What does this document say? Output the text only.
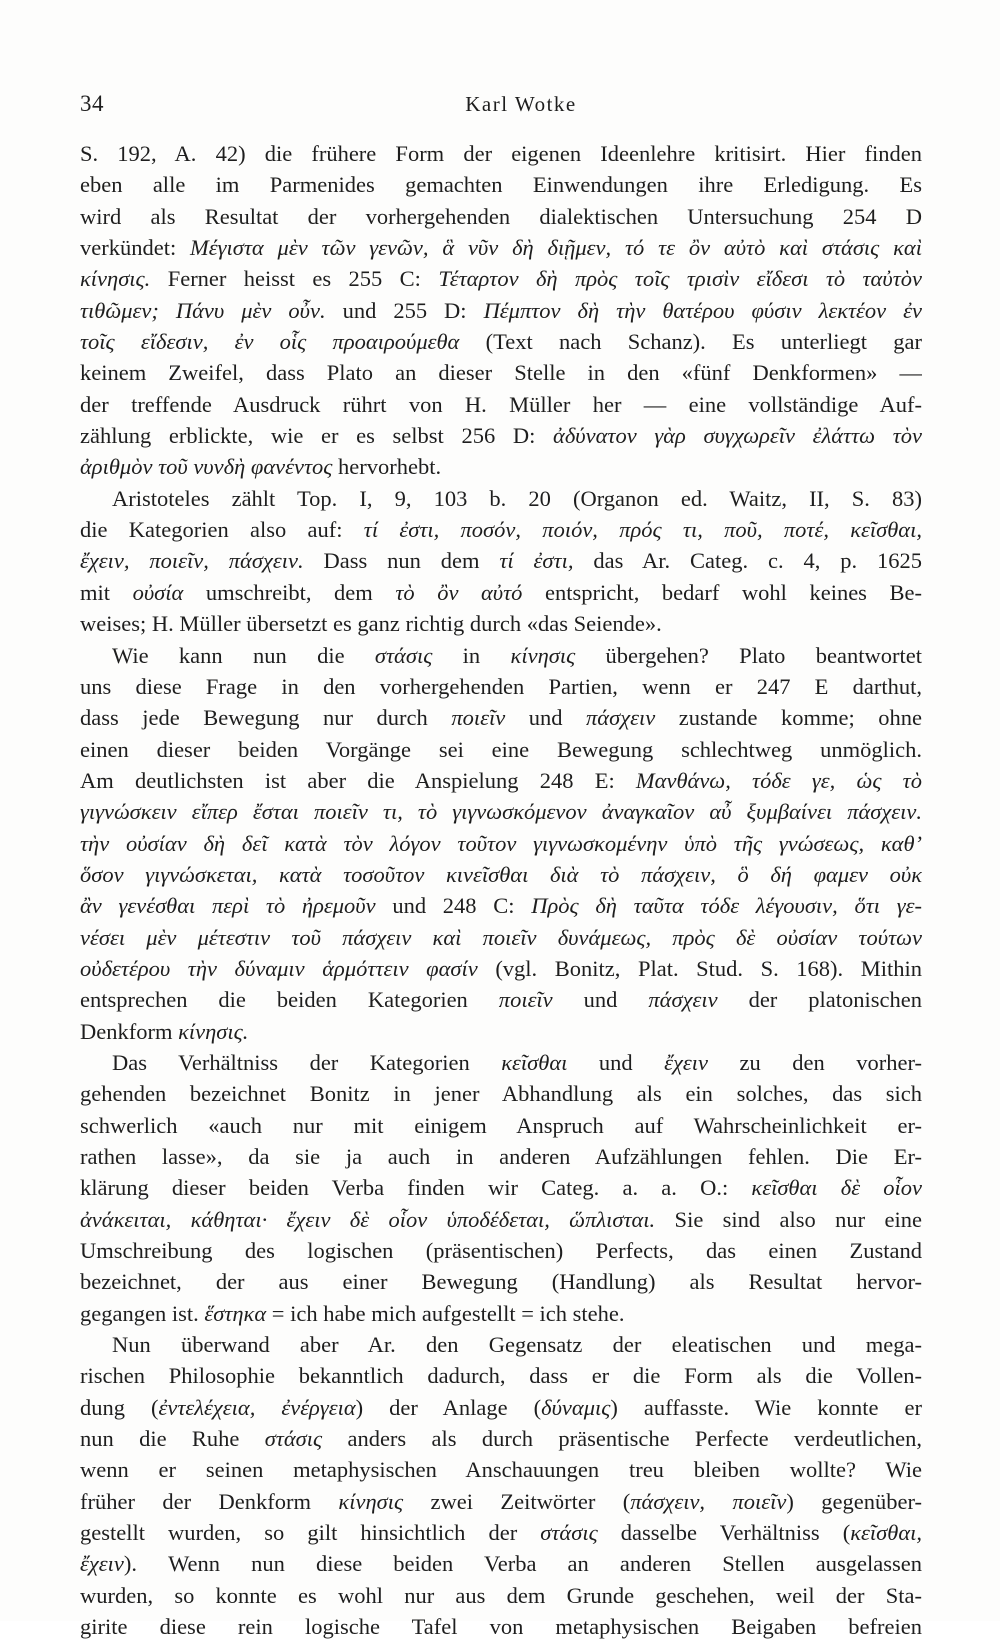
34	Karl Wotke
S. 192, A. 42) die frühere Form der eigenen Ideenlehre kritisirt. Hier finden
eben alle im Parmenides gemachten Einwendungen ihre Erledigung. Es
wird als Resultat der vorhergehenden dialektischen Untersuchung 254 D
verkündet: Μέγιστα μὲν τῶν γενῶν, ἃ νῦν δὴ διῇμεν, τό τε ὂν αὐτὸ καὶ στάσις καὶ
κίνησις. Ferner heisst es 255 C: Τέταρτον δὴ πρὸς τοῖς τρισὶν εἴδεσι τὸ ταὐτὸν
τιθῶμεν; Πάνυ μὲν οὖν. und 255 D: Πέμπτον δὴ τὴν θατέρου φύσιν λεκτέον ἐν
τοῖς εἴδεσιν, ἐν οἷς προαιρούμεθα (Text nach Schanz). Es unterliegt gar
keinem Zweifel, dass Plato an dieser Stelle in den «fünf Denkformen» —
der treffende Ausdruck rührt von H. Müller her — eine vollständige Auf-
zählung erblickte, wie er es selbst 256 D: ἀδύνατον γὰρ συγχωρεῖν ἐλάττω τὸν
ἀριθμὸν τοῦ νυνδὴ φανέντος hervorhebt.
Aristoteles zählt Top. I, 9, 103 b. 20 (Organon ed. Waitz, II, S. 83)
die Kategorien also auf: τί ἐστι, ποσόν, ποιόν, πρός τι, ποῦ, ποτέ, κεῖσθαι,
ἔχειν, ποιεῖν, πάσχειν. Dass nun dem τί ἐστι, das Ar. Categ. c. 4, p. 1625
mit οὐσία umschreibt, dem τὸ ὂν αὐτό entspricht, bedarf wohl keines Be-
weises; H. Müller übersetzt es ganz richtig durch «das Seiende».
Wie kann nun die στάσις in κίνησις übergehen? Plato beantwortet
uns diese Frage in den vorhergehenden Partien, wenn er 247 E darthut,
dass jede Bewegung nur durch ποιεῖν und πάσχειν zustande komme; ohne
einen dieser beiden Vorgänge sei eine Bewegung schlechtweg unmöglich.
Am deutlichsten ist aber die Anspielung 248 E: Μανθάνω, τόδε γε, ὡς τὸ
γιγνώσκειν εἴπερ ἔσται ποιεῖν τι, τὸ γιγνωσκόμενον ἀναγκαῖον αὖ ξυμβαίνει πάσχειν.
τὴν οὐσίαν δὴ δεῖ κατὰ τὸν λόγον τοῦτον γιγνωσκομένην ὑπὸ τῆς γνώσεως, καθ’
ὅσον γιγνώσκεται, κατὰ τοσοῦτον κινεῖσθαι διὰ τὸ πάσχειν, ὃ δή φαμεν οὐκ
ἂν γενέσθαι περὶ τὸ ἠρεμοῦν und 248 C: Πρὸς δὴ ταῦτα τόδε λέγουσιν, ὅτι γε-
νέσει μὲν μέτεστιν τοῦ πάσχειν καὶ ποιεῖν δυνάμεως, πρὸς δὲ οὐσίαν τούτων
οὐδετέρου τὴν δύναμιν ἁρμόττειν φασίν (vgl. Bonitz, Plat. Stud. S. 168). Mithin
entsprechen die beiden Kategorien ποιεῖν und πάσχειν der platonischen
Denkform κίνησις.
Das Verhältniss der Kategorien κεῖσθαι und ἔχειν zu den vorher-
gehenden bezeichnet Bonitz in jener Abhandlung als ein solches, das sich
schwerlich «auch nur mit einigem Anspruch auf Wahrscheinlichkeit er-
rathen lasse», da sie ja auch in anderen Aufzählungen fehlen. Die Er-
klärung dieser beiden Verba finden wir Categ. a. a. O.: κεῖσθαι δὲ οἷον
ἀνάκειται, κάθηται· ἔχειν δὲ οἷον ὑποδέδεται, ὥπλισται. Sie sind also nur eine
Umschreibung des logischen (präsentischen) Perfects, das einen Zustand
bezeichnet, der aus einer Bewegung (Handlung) als Resultat hervor-
gegangen ist. ἕστηκα = ich habe mich aufgestellt = ich stehe.
Nun überwand aber Ar. den Gegensatz der eleatischen und mega-
rischen Philosophie bekanntlich dadurch, dass er die Form als die Vollen-
dung (ἐντελέχεια, ἐνέργεια) der Anlage (δύναμις) auffasste. Wie konnte er
nun die Ruhe στάσις anders als durch präsentische Perfecte verdeutlichen,
wenn er seinen metaphysischen Anschauungen treu bleiben wollte? Wie
früher der Denkform κίνησις zwei Zeitwörter (πάσχειν, ποιεῖν) gegenüber-
gestellt wurden, so gilt hinsichtlich der στάσις dasselbe Verhältniss (κεῖσθαι,
ἔχειν). Wenn nun diese beiden Verba an anderen Stellen ausgelassen
wurden, so konnte es wohl nur aus dem Grunde geschehen, weil der Sta-
girite diese rein logische Tafel von metaphysischen Beigaben befreien
